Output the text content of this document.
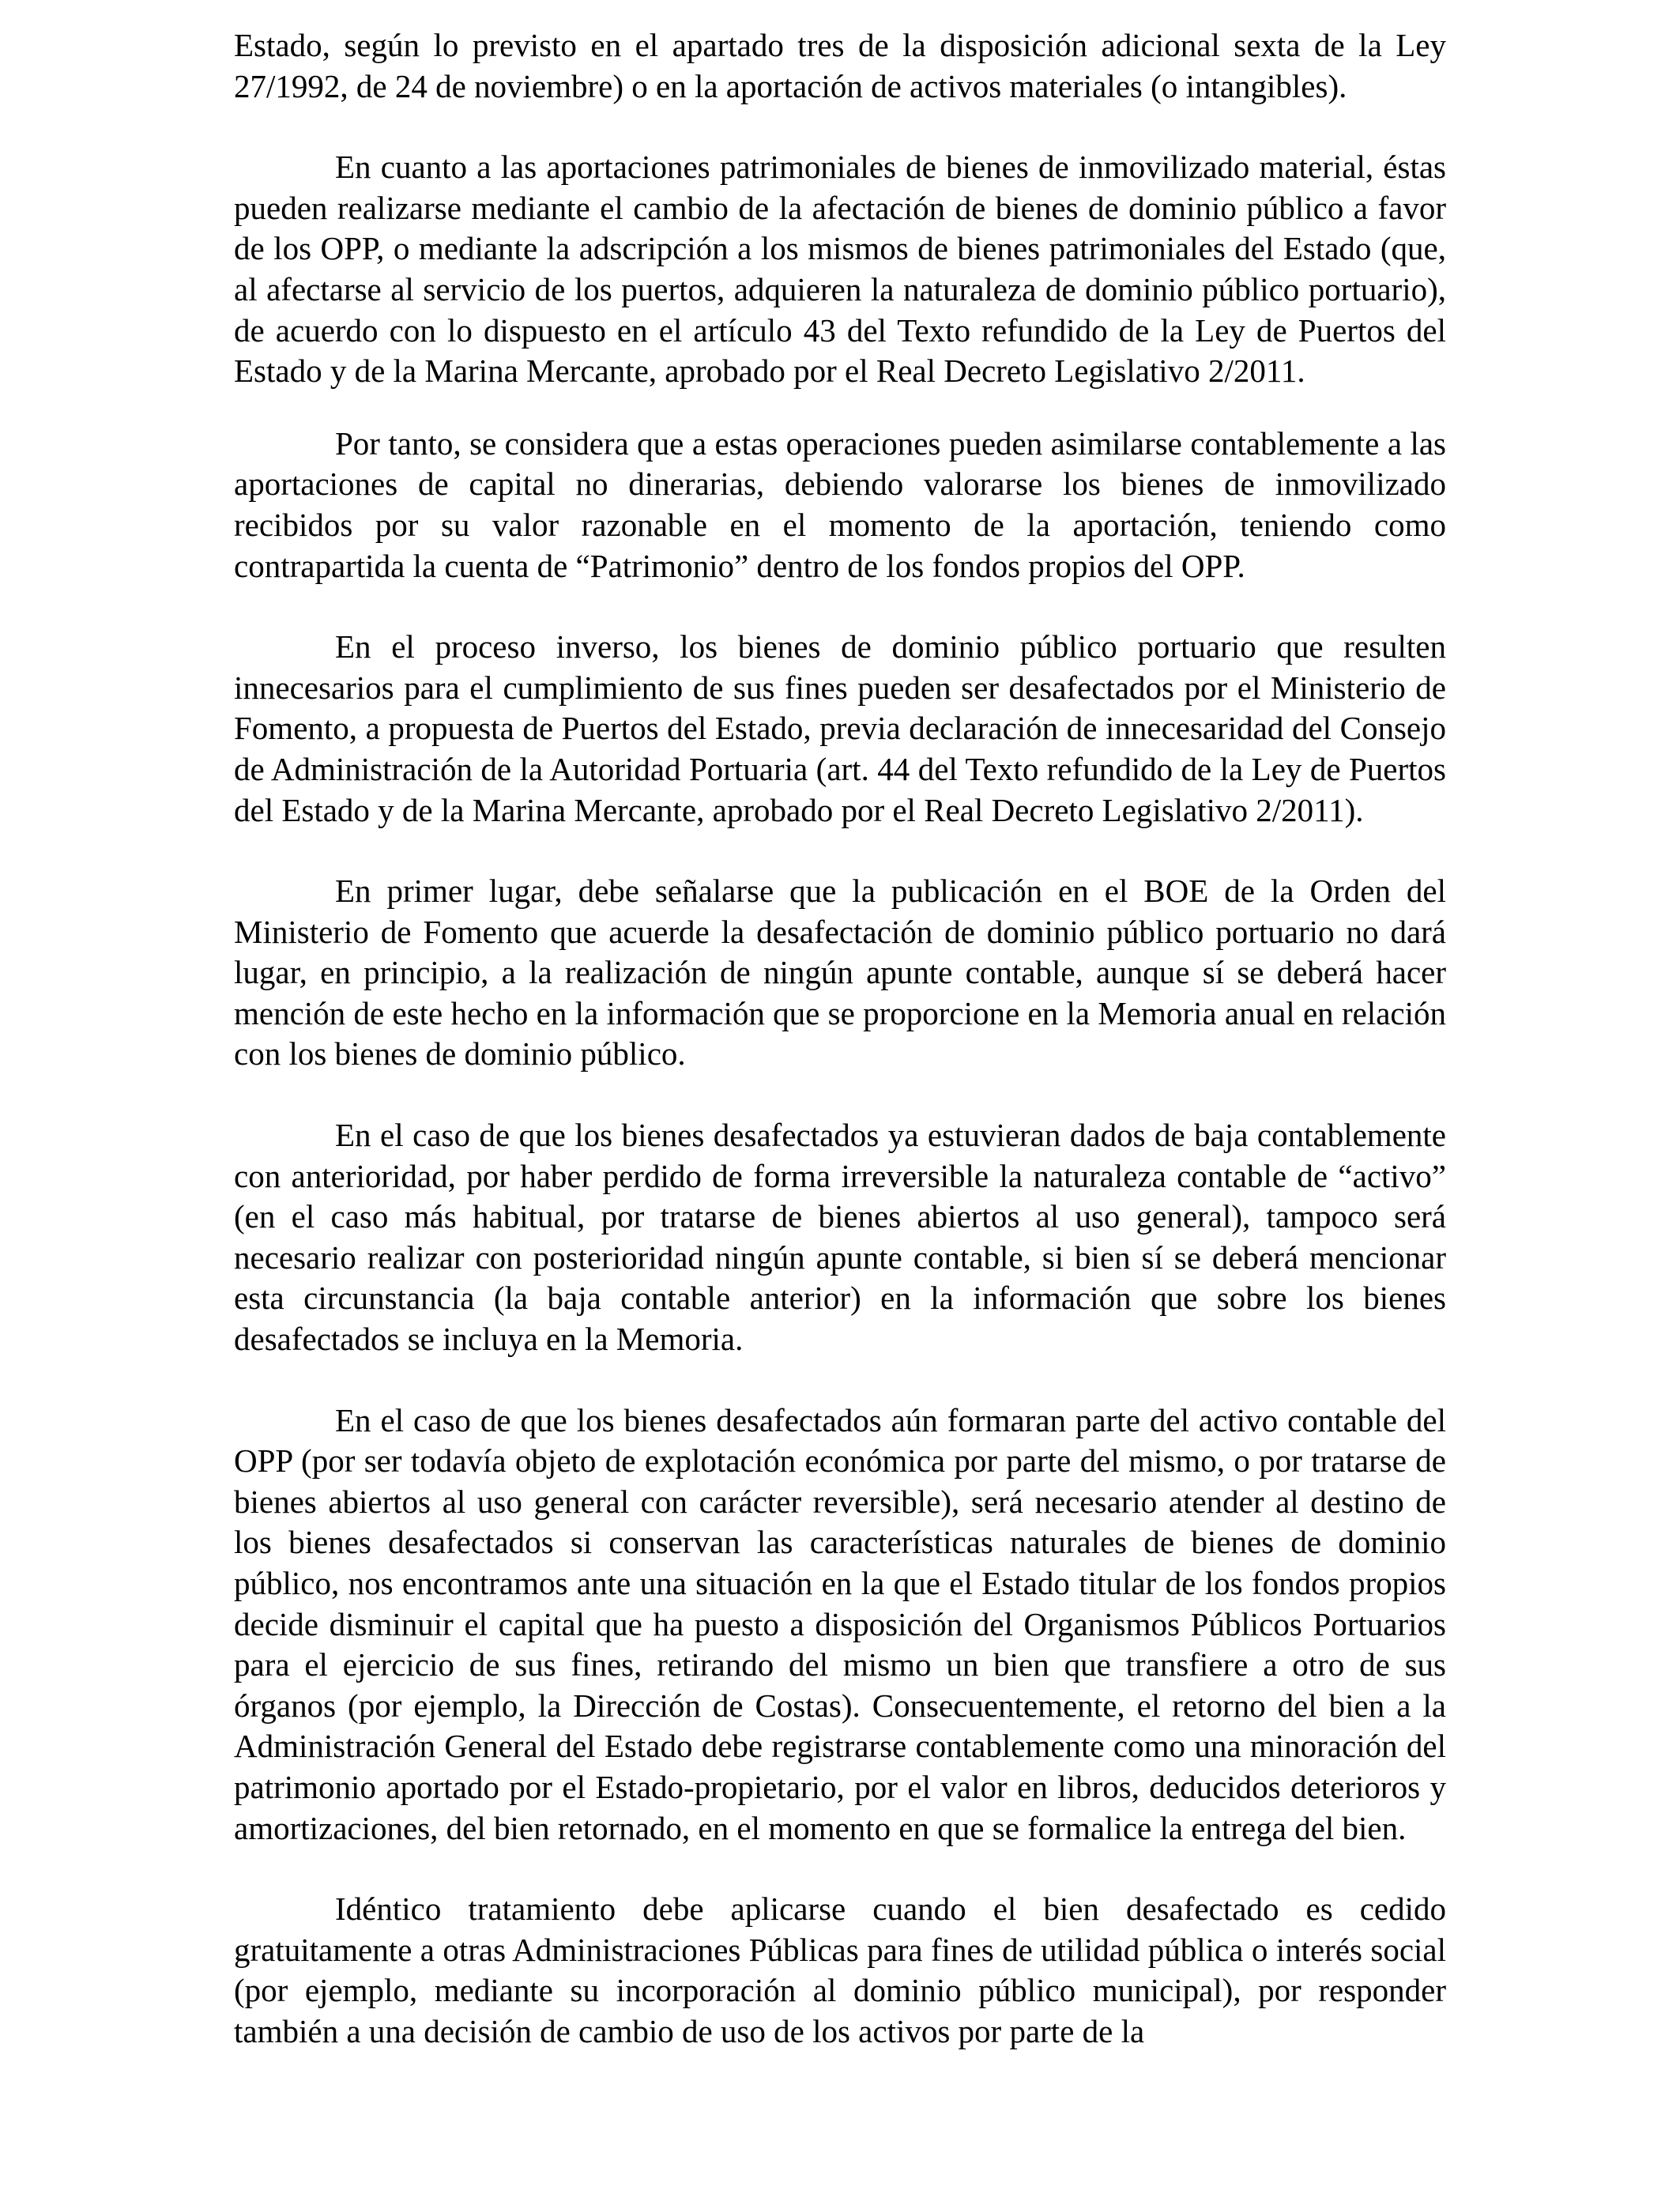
Estado, según lo previsto en el apartado tres de la disposición adicional sexta de la Ley 27/1992, de 24 de noviembre) o en la aportación de activos materiales (o intangibles).

En cuanto a las aportaciones patrimoniales de bienes de inmovilizado material, éstas pueden realizarse mediante el cambio de la afectación de bienes de dominio público a favor de los OPP, o mediante la adscripción a los mismos de bienes patrimoniales del Estado (que, al afectarse al servicio de los puertos, adquieren la naturaleza de dominio público portuario), de acuerdo con lo dispuesto en el artículo 43 del Texto refundido de la Ley de Puertos del Estado y de la Marina Mercante, aprobado por el Real Decreto Legislativo 2/2011.

Por tanto, se considera que a estas operaciones pueden asimilarse contablemente a las aportaciones de capital no dinerarias, debiendo valorarse los bienes de inmovilizado recibidos por su valor razonable en el momento de la aportación, teniendo como contrapartida la cuenta de “Patrimonio” dentro de los fondos propios del OPP.

En el proceso inverso, los bienes de dominio público portuario que resulten innecesarios para el cumplimiento de sus fines pueden ser desafectados por el Ministerio de Fomento, a propuesta de Puertos del Estado, previa declaración de innecesaridad del Consejo de Administración de la Autoridad Portuaria (art. 44 del Texto refundido de la Ley de Puertos del Estado y de la Marina Mercante, aprobado por el Real Decreto Legislativo 2/2011).

En primer lugar, debe señalarse que la publicación en el BOE de la Orden del Ministerio de Fomento que acuerde la desafectación de dominio público portuario no dará lugar, en principio, a la realización de ningún apunte contable, aunque sí se deberá hacer mención de este hecho en la información que se proporcione en la Memoria anual en relación con los bienes de dominio público.

En el caso de que los bienes desafectados ya estuvieran dados de baja contablemente con anterioridad, por haber perdido de forma irreversible la naturaleza contable de “activo” (en el caso más habitual, por tratarse de bienes abiertos al uso general), tampoco será necesario realizar con posterioridad ningún apunte contable, si bien sí se deberá mencionar esta circunstancia (la baja contable anterior) en la información que sobre los bienes desafectados se incluya en la Memoria.

En el caso de que los bienes desafectados aún formaran parte del activo contable del OPP (por ser todavía objeto de explotación económica por parte del mismo, o por tratarse de bienes abiertos al uso general con carácter reversible), será necesario atender al destino de los bienes desafectados si conservan las características naturales de bienes de dominio público, nos encontramos ante una situación en la que el Estado titular de los fondos propios decide disminuir el capital que ha puesto a disposición del Organismos Públicos Portuarios para el ejercicio de sus fines, retirando del mismo un bien que transfiere a otro de sus órganos (por ejemplo, la Dirección de Costas). Consecuentemente, el retorno del bien a la Administración General del Estado debe registrarse contablemente como una minoración del patrimonio aportado por el Estado-propietario, por el valor en libros, deducidos deterioros y amortizaciones, del bien retornado, en el momento en que se formalice la entrega del bien.

Idéntico tratamiento debe aplicarse cuando el bien desafectado es cedido gratuitamente a otras Administraciones Públicas para fines de utilidad pública o interés social (por ejemplo, mediante su incorporación al dominio público municipal), por responder también a una decisión de cambio de uso de los activos por parte de la
